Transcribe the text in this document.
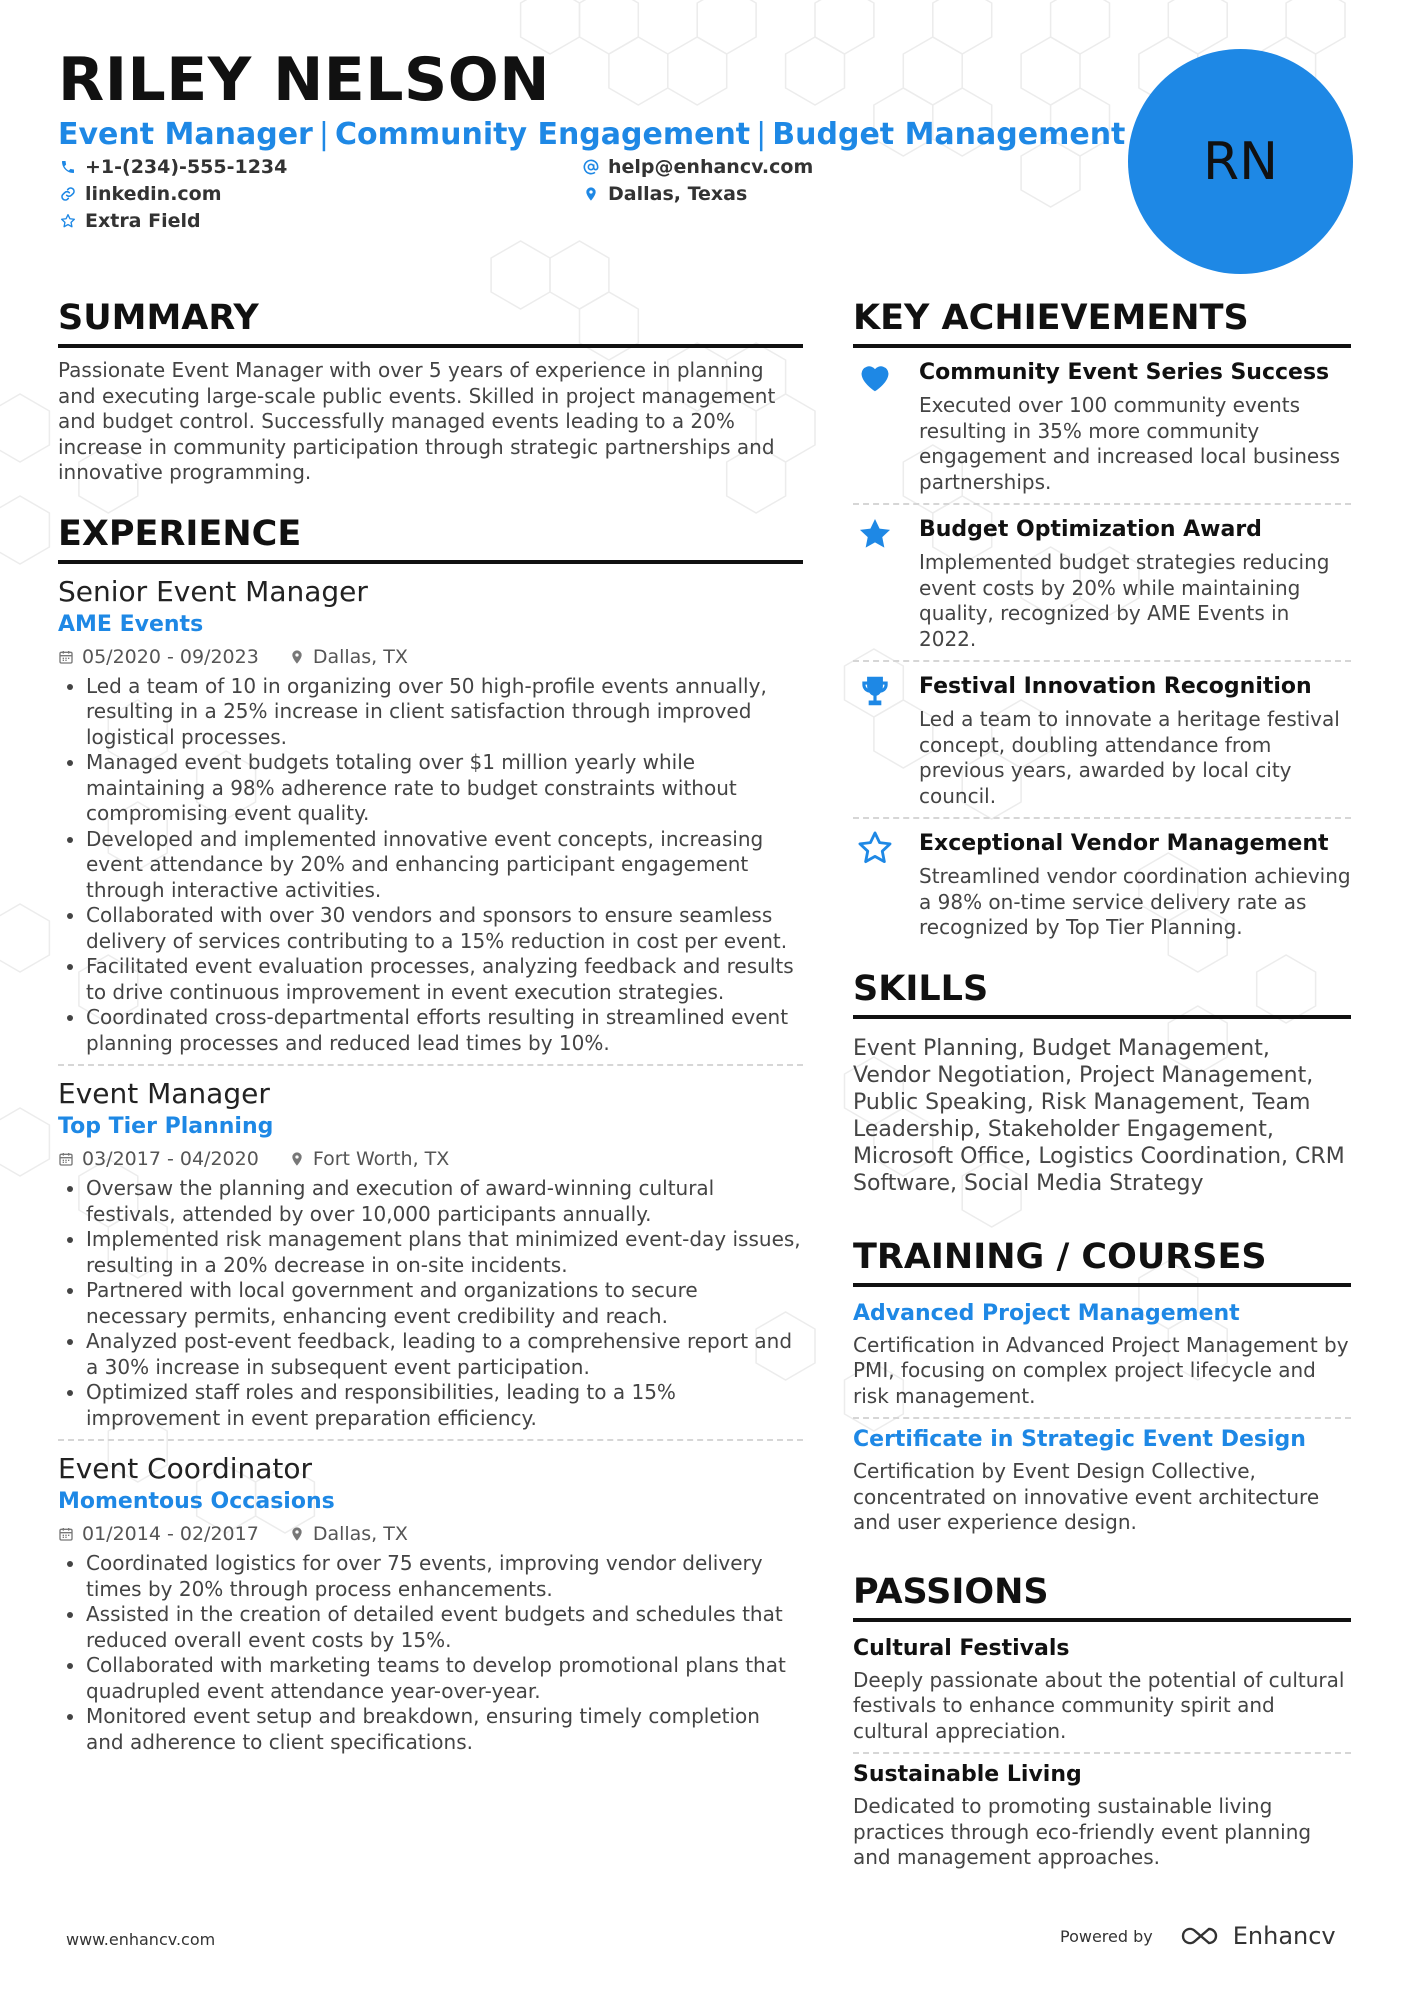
RILEY NELSON
Event Manager | Community Engagement | Budget Management
+1-(234)-555-1234	help@enhancv.com
linkedin.com	Dallas, Texas
Extra Field
RN
SUMMARY

Passionate Event Manager with over 5 years of experience in planning and executing large-scale public events. Skilled in project management and budget control. Successfully managed events leading to a 20% increase in community participation through strategic partnerships and innovative programming.

EXPERIENCE
Senior Event Manager
AME Events
05/2020 - 09/2023	Dallas, TX
• Led a team of 10 in organizing over 50 high-profile events annually, resulting in a 25% increase in client satisfaction through improved logistical processes.
• Managed event budgets totaling over $1 million yearly while maintaining a 98% adherence rate to budget constraints without compromising event quality.
• Developed and implemented innovative event concepts, increasing event attendance by 20% and enhancing participant engagement through interactive activities.
• Collaborated with over 30 vendors and sponsors to ensure seamless delivery of services contributing to a 15% reduction in cost per event.
• Facilitated event evaluation processes, analyzing feedback and results to drive continuous improvement in event execution strategies.
• Coordinated cross-departmental efforts resulting in streamlined event planning processes and reduced lead times by 10%.
Event Manager
Top Tier Planning
03/2017 - 04/2020	Fort Worth, TX
• Oversaw the planning and execution of award-winning cultural festivals, attended by over 10,000 participants annually.
• Implemented risk management plans that minimized event-day issues, resulting in a 20% decrease in on-site incidents.
• Partnered with local government and organizations to secure necessary permits, enhancing event credibility and reach.
• Analyzed post-event feedback, leading to a comprehensive report and a 30% increase in subsequent event participation.
• Optimized staff roles and responsibilities, leading to a 15% improvement in event preparation efficiency.
Event Coordinator
Momentous Occasions
01/2014 - 02/2017	Dallas, TX
• Coordinated logistics for over 75 events, improving vendor delivery times by 20% through process enhancements.
• Assisted in the creation of detailed event budgets and schedules that reduced overall event costs by 15%.
• Collaborated with marketing teams to develop promotional plans that quadrupled event attendance year-over-year.
• Monitored event setup and breakdown, ensuring timely completion and adherence to client specifications.
KEY ACHIEVEMENTS
Community Event Series Success
Executed over 100 community events resulting in 35% more community engagement and increased local business partnerships.
Budget Optimization Award
Implemented budget strategies reducing event costs by 20% while maintaining quality, recognized by AME Events in 2022.
Festival Innovation Recognition
Led a team to innovate a heritage festival concept, doubling attendance from previous years, awarded by local city council.
Exceptional Vendor Management
Streamlined vendor coordination achieving a 98% on-time service delivery rate as recognized by Top Tier Planning.
SKILLS
Event Planning, Budget Management, Vendor Negotiation, Project Management, Public Speaking, Risk Management, Team Leadership, Stakeholder Engagement, Microsoft Office, Logistics Coordination, CRM Software, Social Media Strategy
TRAINING / COURSES
Advanced Project Management
Certification in Advanced Project Management by PMI, focusing on complex project lifecycle and risk management.
Certificate in Strategic Event Design
Certification by Event Design Collective, concentrated on innovative event architecture and user experience design.
PASSIONS
Cultural Festivals
Deeply passionate about the potential of cultural festivals to enhance community spirit and cultural appreciation.
Sustainable Living
Dedicated to promoting sustainable living practices through eco-friendly event planning and management approaches.
www.enhancv.com	Powered by	Enhancv
